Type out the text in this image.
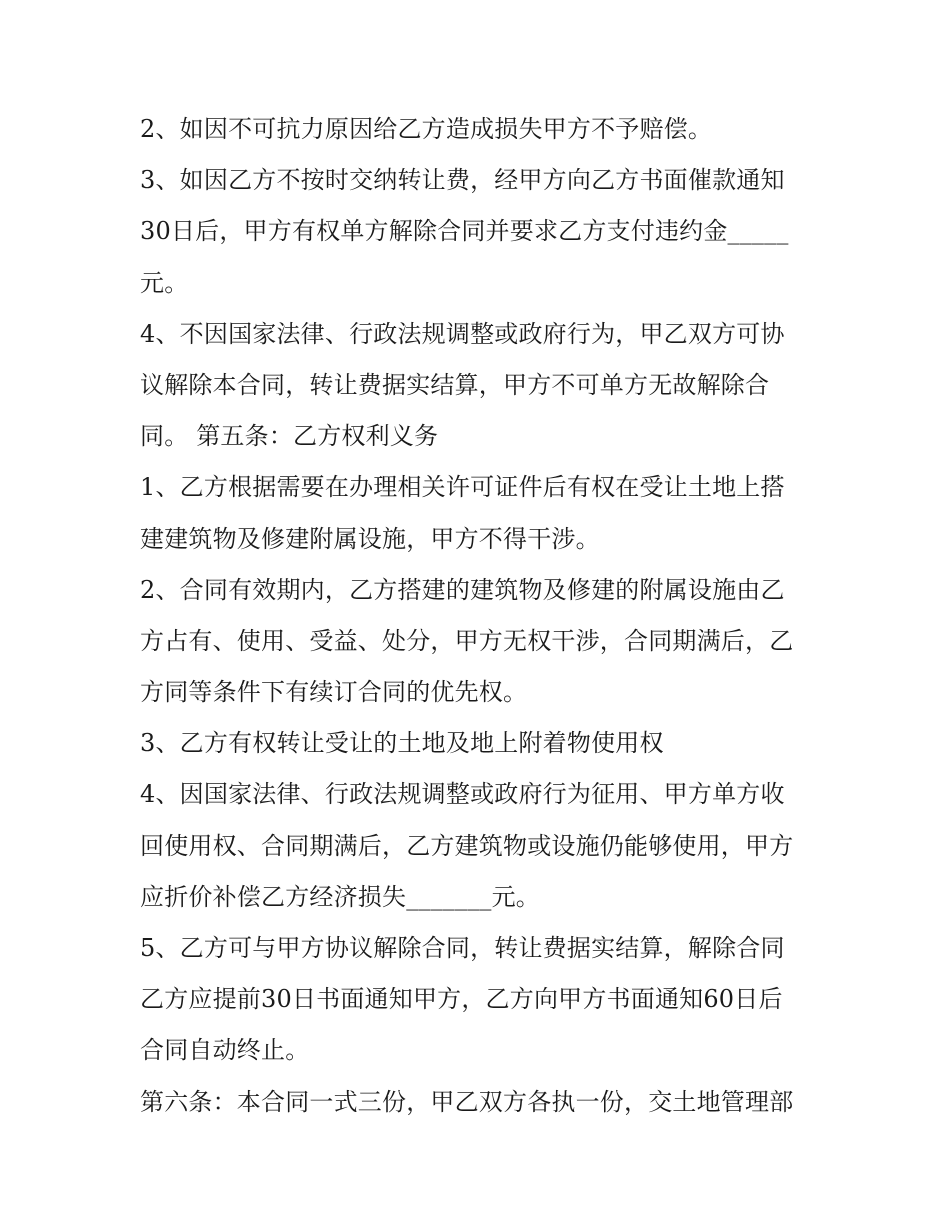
2、如因不可抗力原因给乙方造成损失甲方不予赔偿。
3、如因乙方不按时交纳转让费，经甲方向乙方书面催款通知
30日后，甲方有权单方解除合同并要求乙方支付违约金_____
元。
4、不因国家法律、行政法规调整或政府行为，甲乙双方可协
议解除本合同，转让费据实结算，甲方不可单方无故解除合
同。 第五条：乙方权利义务
1、乙方根据需要在办理相关许可证件后有权在受让土地上搭
建建筑物及修建附属设施，甲方不得干涉。
2、合同有效期内，乙方搭建的建筑物及修建的附属设施由乙
方占有、使用、受益、处分，甲方无权干涉，合同期满后，乙
方同等条件下有续订合同的优先权。
3、乙方有权转让受让的土地及地上附着物使用权
4、因国家法律、行政法规调整或政府行为征用、甲方单方收
回使用权、合同期满后，乙方建筑物或设施仍能够使用，甲方
应折价补偿乙方经济损失_______元。
5、乙方可与甲方协议解除合同，转让费据实结算，解除合同
乙方应提前30日书面通知甲方，乙方向甲方书面通知60日后
合同自动终止。
第六条：本合同一式三份，甲乙双方各执一份，交土地管理部
